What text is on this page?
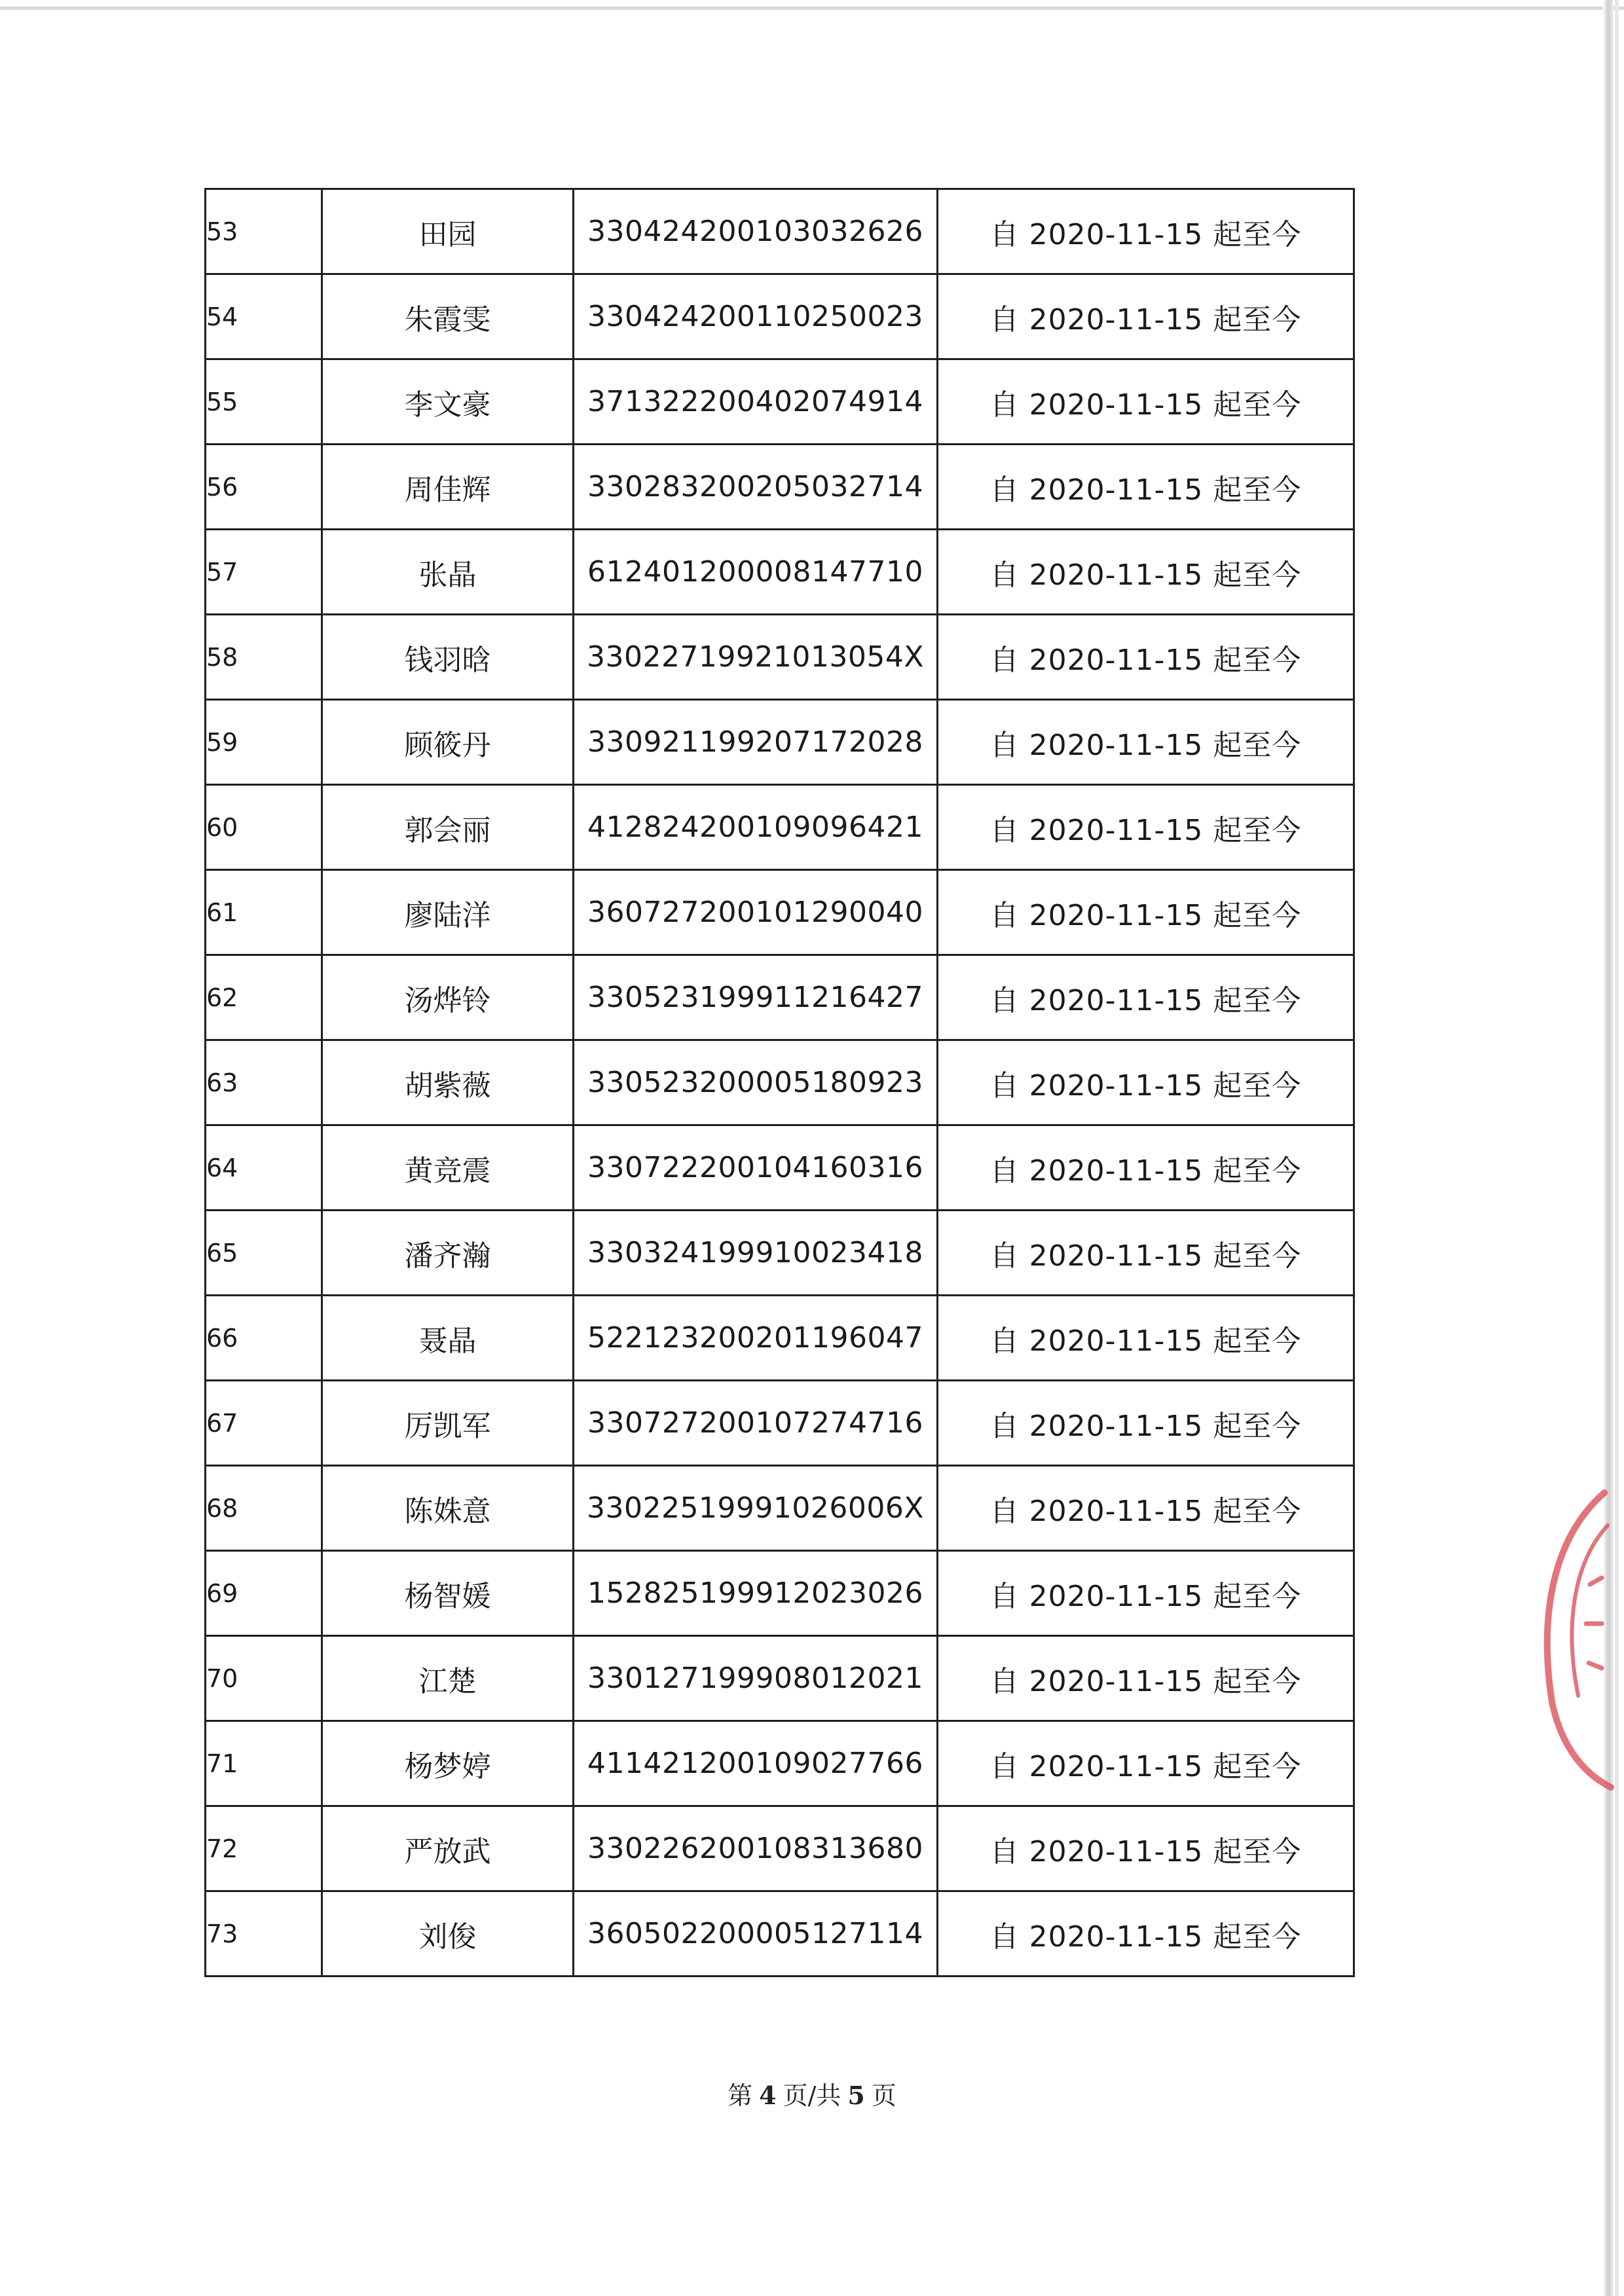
53	田园	330424200103032626	自 2020-11-15 起至今
54	朱霞雯	330424200110250023	自 2020-11-15 起至今
55	李文豪	371322200402074914	自 2020-11-15 起至今
56	周佳辉	330283200205032714	自 2020-11-15 起至今
57	张晶	612401200008147710	自 2020-11-15 起至今
58	钱羽晗	33022719921013054X	自 2020-11-15 起至今
59	顾筱丹	330921199207172028	自 2020-11-15 起至今
60	郭会丽	412824200109096421	自 2020-11-15 起至今
61	廖陆洋	360727200101290040	自 2020-11-15 起至今
62	汤烨铃	330523199911216427	自 2020-11-15 起至今
63	胡紫薇	330523200005180923	自 2020-11-15 起至今
64	黄竞震	330722200104160316	自 2020-11-15 起至今
65	潘齐瀚	330324199910023418	自 2020-11-15 起至今
66	聂晶	522123200201196047	自 2020-11-15 起至今
67	厉凯军	330727200107274716	自 2020-11-15 起至今
68	陈姝意	33022519991026006X	自 2020-11-15 起至今
69	杨智媛	152825199912023026	自 2020-11-15 起至今
70	江楚	330127199908012021	自 2020-11-15 起至今
71	杨梦婷	411421200109027766	自 2020-11-15 起至今
72	严放武	330226200108313680	自 2020-11-15 起至今
73	刘俊	360502200005127114	自 2020-11-15 起至今
第 4 页/共 5 页
